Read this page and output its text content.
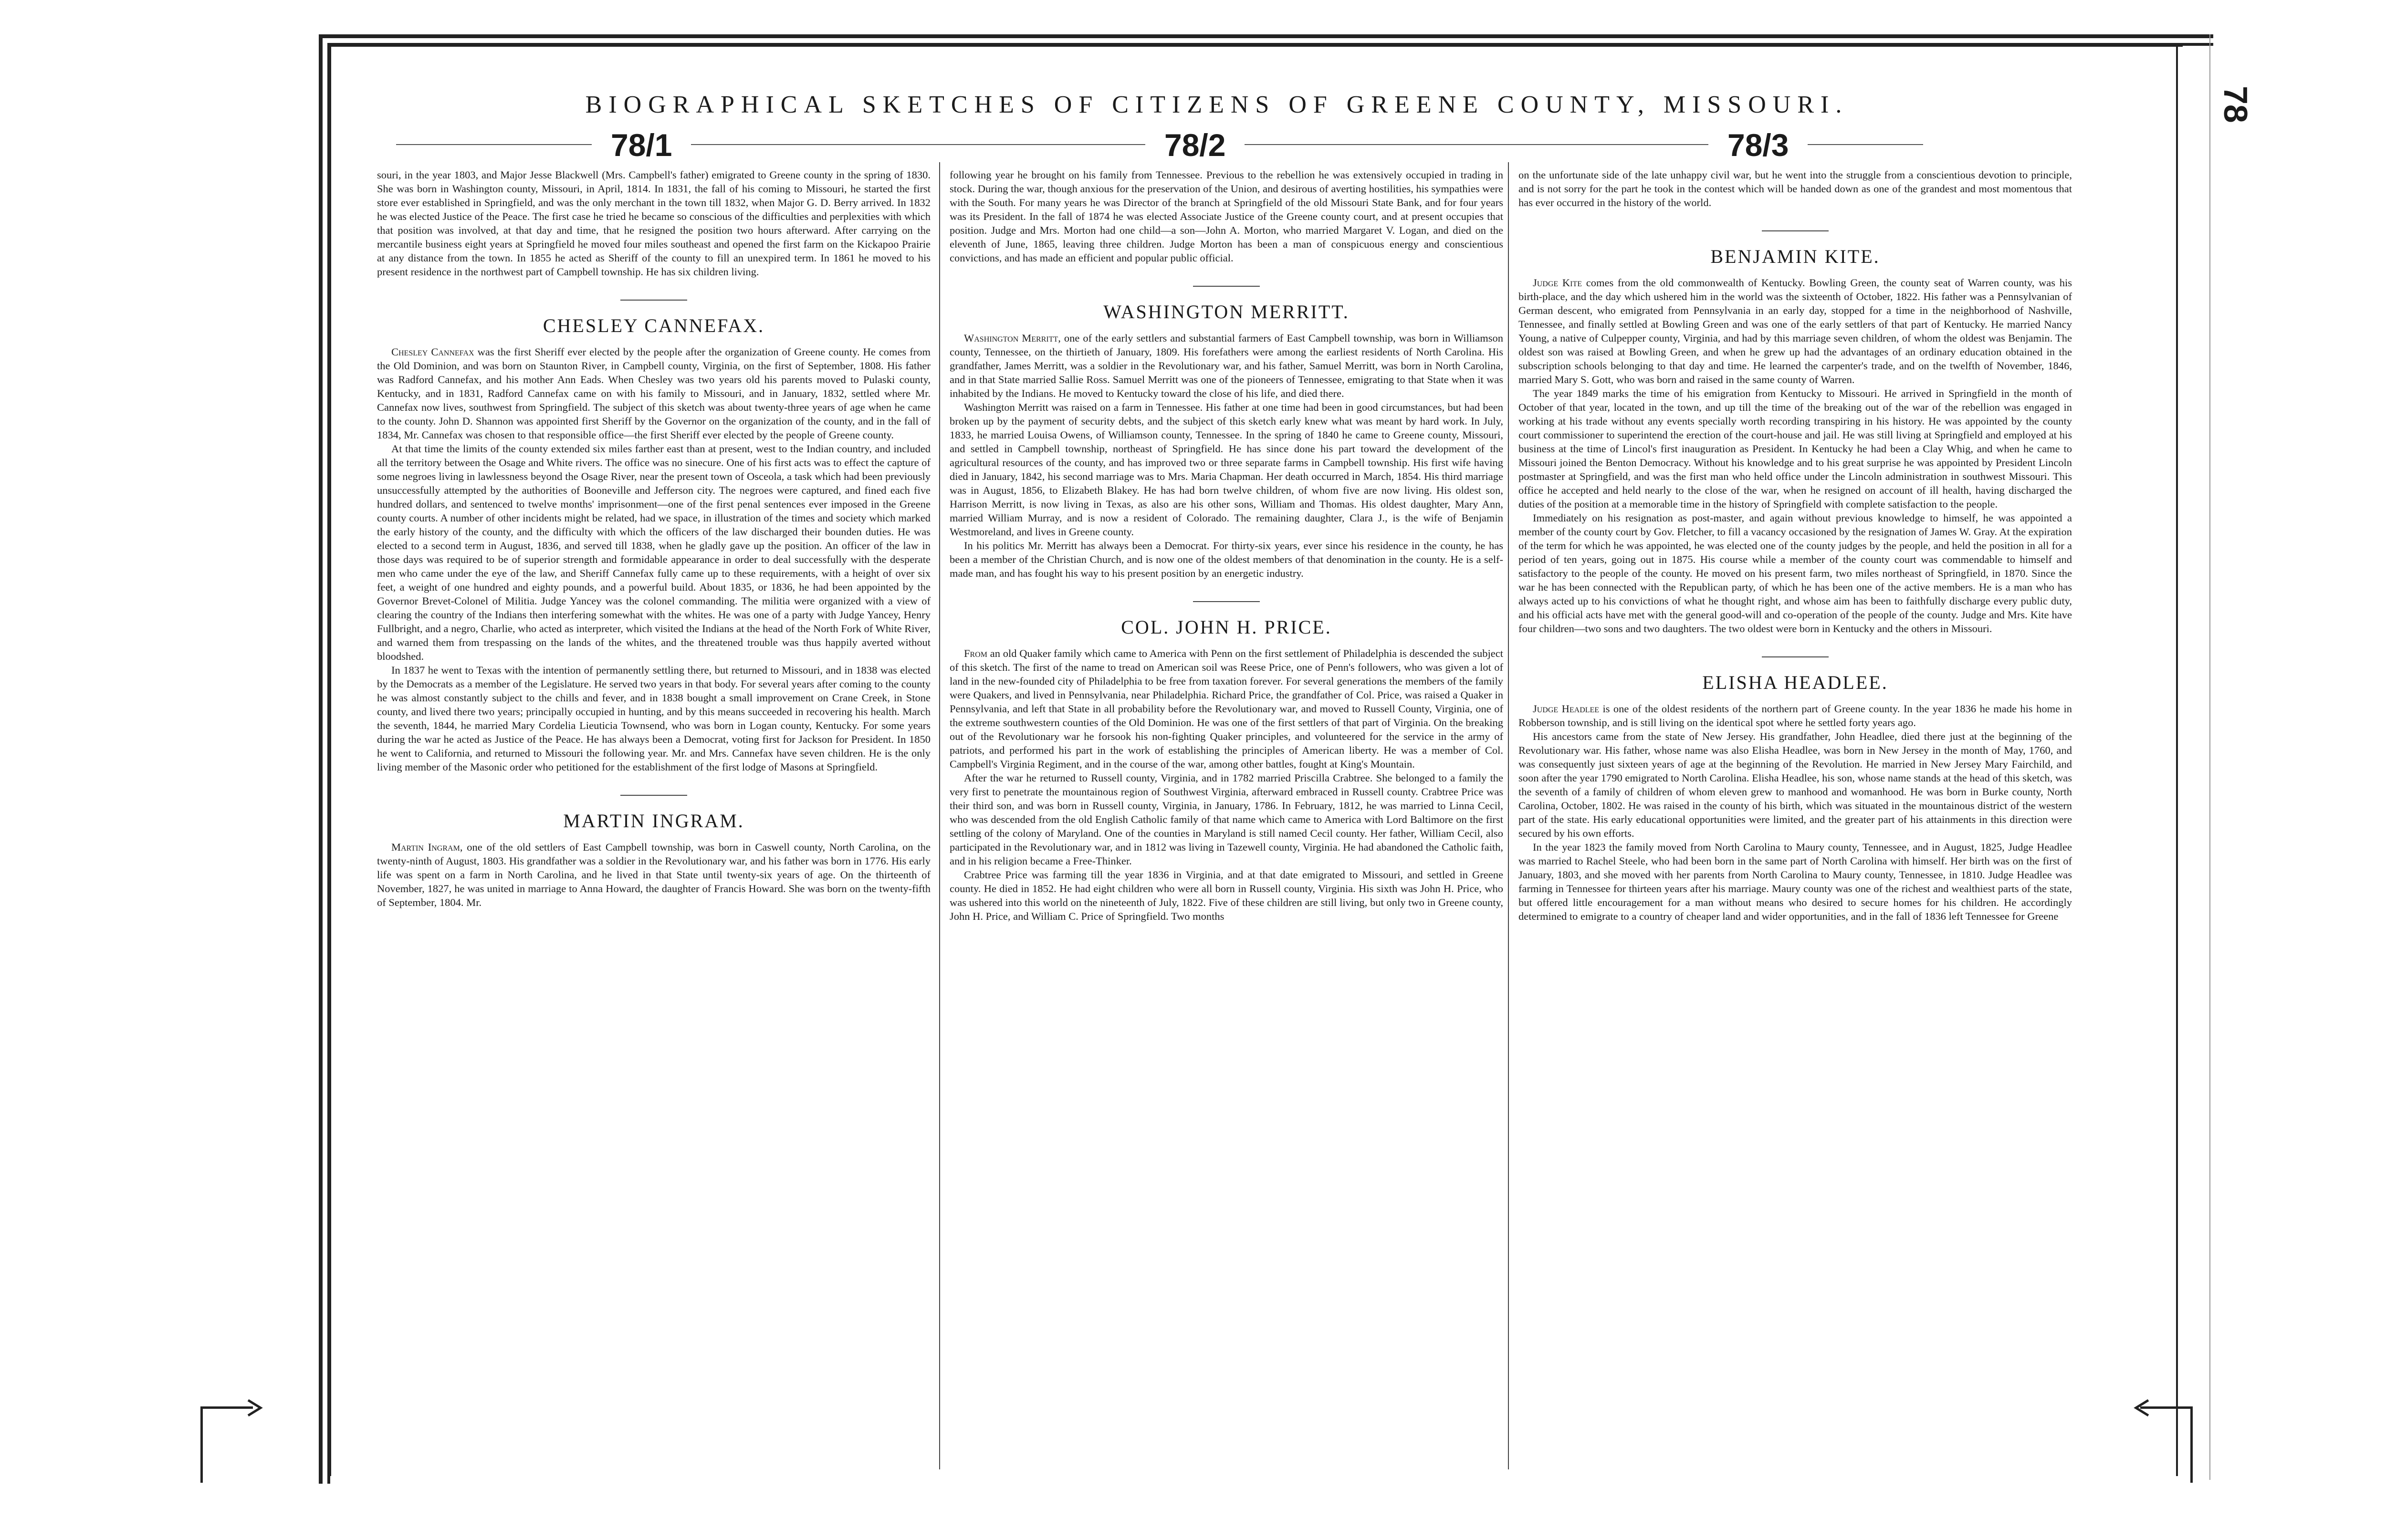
BIOGRAPHICAL SKETCHES OF CITIZENS OF GREENE COUNTY, MISSOURI.
78/1	78/2	78/3
78

souri, in the year 1803, and Major Jesse Blackwell (Mrs. Campbell's father) emigrated to Greene county in the spring of 1830. She was born in Washington county, Missouri, in April, 1814. In 1831, the fall of his coming to Missouri, he started the first store ever established in Springfield, and was the only merchant in the town till 1832, when Major G. D. Berry arrived. In 1832 he was elected Justice of the Peace. The first case he tried he became so conscious of the difficulties and perplexities with which that position was involved, at that day and time, that he resigned the position two hours afterward. After carrying on the mercantile business eight years at Springfield he moved four miles southeast and opened the first farm on the Kickapoo Prairie at any distance from the town. In 1855 he acted as Sheriff of the county to fill an unexpired term. In 1861 he moved to his present residence in the northwest part of Campbell township. He has six children living.

CHESLEY CANNEFAX.

Chesley Cannefax was the first Sheriff ever elected by the people after the organization of Greene county. He comes from the Old Dominion, and was born on Staunton River, in Campbell county, Virginia, on the first of September, 1808. His father was Radford Cannefax, and his mother Ann Eads. When Chesley was two years old his parents moved to Pulaski county, Kentucky, and in 1831, Radford Cannefax came on with his family to Missouri, and in January, 1832, settled where Mr. Cannefax now lives, southwest from Springfield. The subject of this sketch was about twenty-three years of age when he came to the county. John D. Shannon was appointed first Sheriff by the Governor on the organization of the county, and in the fall of 1834, Mr. Cannefax was chosen to that responsible office—the first Sheriff ever elected by the people of Greene county.

At that time the limits of the county extended six miles farther east than at present, west to the Indian country, and included all the territory between the Osage and White rivers. The office was no sinecure. One of his first acts was to effect the capture of some negroes living in lawlessness beyond the Osage River, near the present town of Osceola, a task which had been previously unsuccessfully attempted by the authorities of Booneville and Jefferson city. The negroes were captured, and fined each five hundred dollars, and sentenced to twelve months' imprisonment—one of the first penal sentences ever imposed in the Greene county courts. A number of other incidents might be related, had we space, in illustration of the times and society which marked the early history of the county, and the difficulty with which the officers of the law discharged their bounden duties. He was elected to a second term in August, 1836, and served till 1838, when he gladly gave up the position. An officer of the law in those days was required to be of superior strength and formidable appearance in order to deal successfully with the desperate men who came under the eye of the law, and Sheriff Cannefax fully came up to these requirements, with a height of over six feet, a weight of one hundred and eighty pounds, and a powerful build. About 1835, or 1836, he had been appointed by the Governor Brevet-Colonel of Militia. Judge Yancey was the colonel commanding. The militia were organized with a view of clearing the country of the Indians then interfering somewhat with the whites. He was one of a party with Judge Yancey, Henry Fullbright, and a negro, Charlie, who acted as interpreter, which visited the Indians at the head of the North Fork of White River, and warned them from trespassing on the lands of the whites, and the threatened trouble was thus happily averted without bloodshed.

In 1837 he went to Texas with the intention of permanently settling there, but returned to Missouri, and in 1838 was elected by the Democrats as a member of the Legislature. He served two years in that body. For several years after coming to the county he was almost constantly subject to the chills and fever, and in 1838 bought a small improvement on Crane Creek, in Stone county, and lived there two years; principally occupied in hunting, and by this means succeeded in recovering his health. March the seventh, 1844, he married Mary Cordelia Lieuticia Townsend, who was born in Logan county, Kentucky. For some years during the war he acted as Justice of the Peace. He has always been a Democrat, voting first for Jackson for President. In 1850 he went to California, and returned to Missouri the following year. Mr. and Mrs. Cannefax have seven children. He is the only living member of the Masonic order who petitioned for the establishment of the first lodge of Masons at Springfield.

MARTIN INGRAM.

Martin Ingram, one of the old settlers of East Campbell township, was born in Caswell county, North Carolina, on the twenty-ninth of August, 1803. His grandfather was a soldier in the Revolutionary war, and his father was born in 1776. His early life was spent on a farm in North Carolina, and he lived in that State until twenty-six years of age. On the thirteenth of November, 1827, he was united in marriage to Anna Howard, the daughter of Francis Howard. She was born on the twenty-fifth of September, 1804. Mr.

following year he brought on his family from Tennessee. Previous to the rebellion he was extensively occupied in trading in stock. During the war, though anxious for the preservation of the Union, and desirous of averting hostilities, his sympathies were with the South. For many years he was Director of the branch at Springfield of the old Missouri State Bank, and for four years was its President. In the fall of 1874 he was elected Associate Justice of the Greene county court, and at present occupies that position. Judge and Mrs. Morton had one child—a son—John A. Morton, who married Margaret V. Logan, and died on the eleventh of June, 1865, leaving three children. Judge Morton has been a man of conspicuous energy and conscientious convictions, and has made an efficient and popular public official.

WASHINGTON MERRITT.

Washington Merritt, one of the early settlers and substantial farmers of East Campbell township, was born in Williamson county, Tennessee, on the thirtieth of January, 1809. His forefathers were among the earliest residents of North Carolina. His grandfather, James Merritt, was a soldier in the Revolutionary war, and his father, Samuel Merritt, was born in North Carolina, and in that State married Sallie Ross. Samuel Merritt was one of the pioneers of Tennessee, emigrating to that State when it was inhabited by the Indians. He moved to Kentucky toward the close of his life, and died there.

Washington Merritt was raised on a farm in Tennessee. His father at one time had been in good circumstances, but had been broken up by the payment of security debts, and the subject of this sketch early knew what was meant by hard work. In July, 1833, he married Louisa Owens, of Williamson county, Tennessee. In the spring of 1840 he came to Greene county, Missouri, and settled in Campbell township, northeast of Springfield. He has since done his part toward the development of the agricultural resources of the county, and has improved two or three separate farms in Campbell township. His first wife having died in January, 1842, his second marriage was to Mrs. Maria Chapman. Her death occurred in March, 1854. His third marriage was in August, 1856, to Elizabeth Blakey. He has had born twelve children, of whom five are now living. His oldest son, Harrison Merritt, is now living in Texas, as also are his other sons, William and Thomas. His oldest daughter, Mary Ann, married William Murray, and is now a resident of Colorado. The remaining daughter, Clara J., is the wife of Benjamin Westmoreland, and lives in Greene county.

In his politics Mr. Merritt has always been a Democrat. For thirty-six years, ever since his residence in the county, he has been a member of the Christian Church, and is now one of the oldest members of that denomination in the county. He is a self-made man, and has fought his way to his present position by an energetic industry.

COL. JOHN H. PRICE.

From an old Quaker family which came to America with Penn on the first settlement of Philadelphia is descended the subject of this sketch. The first of the name to tread on American soil was Reese Price, one of Penn's followers, who was given a lot of land in the new-founded city of Philadelphia to be free from taxation forever. For several generations the members of the family were Quakers, and lived in Pennsylvania, near Philadelphia. Richard Price, the grandfather of Col. Price, was raised a Quaker in Pennsylvania, and left that State in all probability before the Revolutionary war, and moved to Russell County, Virginia, one of the extreme southwestern counties of the Old Dominion. He was one of the first settlers of that part of Virginia. On the breaking out of the Revolutionary war he forsook his non-fighting Quaker principles, and volunteered for the service in the army of patriots, and performed his part in the work of establishing the principles of American liberty. He was a member of Col. Campbell's Virginia Regiment, and in the course of the war, among other battles, fought at King's Mountain.

After the war he returned to Russell county, Virginia, and in 1782 married Priscilla Crabtree. She belonged to a family the very first to penetrate the mountainous region of Southwest Virginia, afterward embraced in Russell county. Crabtree Price was their third son, and was born in Russell county, Virginia, in January, 1786. In February, 1812, he was married to Linna Cecil, who was descended from the old English Catholic family of that name which came to America with Lord Baltimore on the first settling of the colony of Maryland. One of the counties in Maryland is still named Cecil county. Her father, William Cecil, also participated in the Revolutionary war, and in 1812 was living in Tazewell county, Virginia. He had abandoned the Catholic faith, and in his religion became a Free-Thinker.

Crabtree Price was farming till the year 1836 in Virginia, and at that date emigrated to Missouri, and settled in Greene county. He died in 1852. He had eight children who were all born in Russell county, Virginia. His sixth was John H. Price, who was ushered into this world on the nineteenth of July, 1822. Five of these children are still living, but only two in Greene county, John H. Price, and William C. Price of Springfield. Two months

on the unfortunate side of the late unhappy civil war, but he went into the struggle from a conscientious devotion to principle, and is not sorry for the part he took in the contest which will be handed down as one of the grandest and most momentous that has ever occurred in the history of the world.

BENJAMIN KITE.

Judge Kite comes from the old commonwealth of Kentucky. Bowling Green, the county seat of Warren county, was his birth-place, and the day which ushered him in the world was the sixteenth of October, 1822. His father was a Pennsylvanian of German descent, who emigrated from Pennsylvania in an early day, stopped for a time in the neighborhood of Nashville, Tennessee, and finally settled at Bowling Green and was one of the early settlers of that part of Kentucky. He married Nancy Young, a native of Culpepper county, Virginia, and had by this marriage seven children, of whom the oldest was Benjamin. The oldest son was raised at Bowling Green, and when he grew up had the advantages of an ordinary education obtained in the subscription schools belonging to that day and time. He learned the carpenter's trade, and on the twelfth of November, 1846, married Mary S. Gott, who was born and raised in the same county of Warren.

The year 1849 marks the time of his emigration from Kentucky to Missouri. He arrived in Springfield in the month of October of that year, located in the town, and up till the time of the breaking out of the war of the rebellion was engaged in working at his trade without any events specially worth recording transpiring in his history. He was appointed by the county court commissioner to superintend the erection of the court-house and jail. He was still living at Springfield and employed at his business at the time of Lincol's first inauguration as President. In Kentucky he had been a Clay Whig, and when he came to Missouri joined the Benton Democracy. Without his knowledge and to his great surprise he was appointed by President Lincoln postmaster at Springfield, and was the first man who held office under the Lincoln administration in southwest Missouri. This office he accepted and held nearly to the close of the war, when he resigned on account of ill health, having discharged the duties of the position at a memorable time in the history of Springfield with complete satisfaction to the people.

Immediately on his resignation as post-master, and again without previous knowledge to himself, he was appointed a member of the county court by Gov. Fletcher, to fill a vacancy occasioned by the resignation of James W. Gray. At the expiration of the term for which he was appointed, he was elected one of the county judges by the people, and held the position in all for a period of ten years, going out in 1875. His course while a member of the county court was commendable to himself and satisfactory to the people of the county. He moved on his present farm, two miles northeast of Springfield, in 1870. Since the war he has been connected with the Republican party, of which he has been one of the active members. He is a man who has always acted up to his convictions of what he thought right, and whose aim has been to faithfully discharge every public duty, and his official acts have met with the general good-will and co-operation of the people of the county. Judge and Mrs. Kite have four children—two sons and two daughters. The two oldest were born in Kentucky and the others in Missouri.

ELISHA HEADLEE.

Judge Headlee is one of the oldest residents of the northern part of Greene county. In the year 1836 he made his home in Robberson township, and is still living on the identical spot where he settled forty years ago.

His ancestors came from the state of New Jersey. His grandfather, John Headlee, died there just at the beginning of the Revolutionary war. His father, whose name was also Elisha Headlee, was born in New Jersey in the month of May, 1760, and was consequently just sixteen years of age at the beginning of the Revolution. He married in New Jersey Mary Fairchild, and soon after the year 1790 emigrated to North Carolina. Elisha Headlee, his son, whose name stands at the head of this sketch, was the seventh of a family of children of whom eleven grew to manhood and womanhood. He was born in Burke county, North Carolina, October, 1802. He was raised in the county of his birth, which was situated in the mountainous district of the western part of the state. His early educational opportunities were limited, and the greater part of his attainments in this direction were secured by his own efforts.

In the year 1823 the family moved from North Carolina to Maury county, Tennessee, and in August, 1825, Judge Headlee was married to Rachel Steele, who had been born in the same part of North Carolina with himself. Her birth was on the first of January, 1803, and she moved with her parents from North Carolina to Maury county, Tennessee, in 1810. Judge Headlee was farming in Tennessee for thirteen years after his marriage. Maury county was one of the richest and wealthiest parts of the state, but offered little encouragement for a man without means who desired to secure homes for his children. He accordingly determined to emigrate to a country of cheaper land and wider opportunities, and in the fall of 1836 left Tennessee for Greene
